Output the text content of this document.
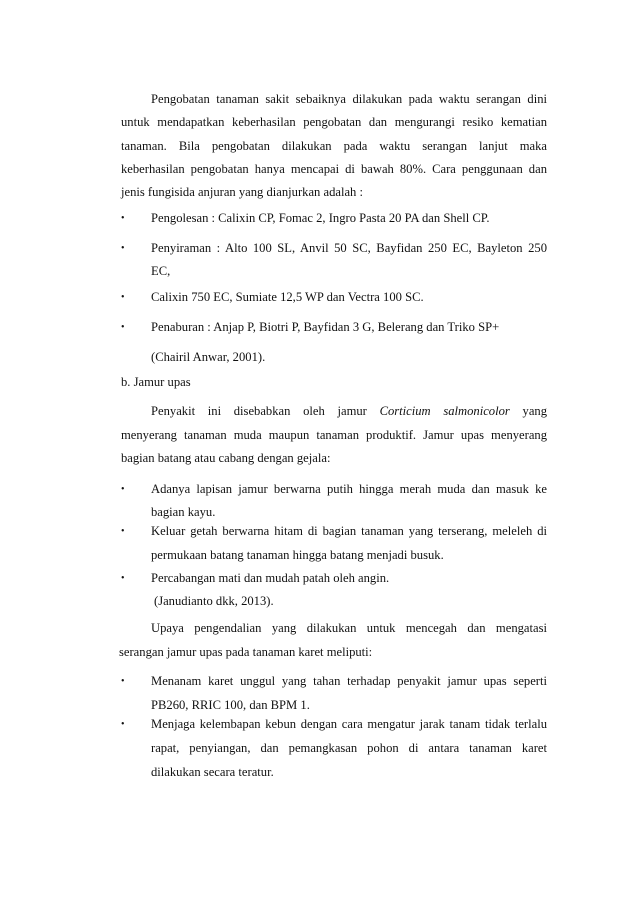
Pengobatan tanaman sakit sebaiknya dilakukan pada waktu serangan dini
untuk mendapatkan keberhasilan pengobatan dan mengurangi resiko kematian
tanaman. Bila pengobatan dilakukan pada waktu serangan lanjut maka
keberhasilan pengobatan hanya mencapai di bawah 80%. Cara penggunaan dan
jenis fungisida anjuran yang dianjurkan adalah :
• Pengolesan : Calixin CP, Fomac 2, Ingro Pasta 20 PA dan Shell CP.
• Penyiraman : Alto 100 SL, Anvil 50 SC, Bayfidan 250 EC, Bayleton 250
EC,
• Calixin 750 EC, Sumiate 12,5 WP dan Vectra 100 SC.
• Penaburan : Anjap P, Biotri P, Bayfidan 3 G, Belerang dan Triko SP+
(Chairil Anwar, 2001).
b. Jamur upas
Penyakit ini disebabkan oleh jamur Corticium salmonicolor yang
menyerang tanaman muda maupun tanaman produktif. Jamur upas menyerang
bagian batang atau cabang dengan gejala:
• Adanya lapisan jamur berwarna putih hingga merah muda dan masuk ke
bagian kayu.
• Keluar getah berwarna hitam di bagian tanaman yang terserang, meleleh di
permukaan batang tanaman hingga batang menjadi busuk.
• Percabangan mati dan mudah patah oleh angin.
(Janudianto dkk, 2013).
Upaya pengendalian yang dilakukan untuk mencegah dan mengatasi
serangan jamur upas pada tanaman karet meliputi:
• Menanam karet unggul yang tahan terhadap penyakit jamur upas seperti
PB260, RRIC 100, dan BPM 1.
• Menjaga kelembapan kebun dengan cara mengatur jarak tanam tidak terlalu
rapat, penyiangan, dan pemangkasan pohon di antara tanaman karet
dilakukan secara teratur.
